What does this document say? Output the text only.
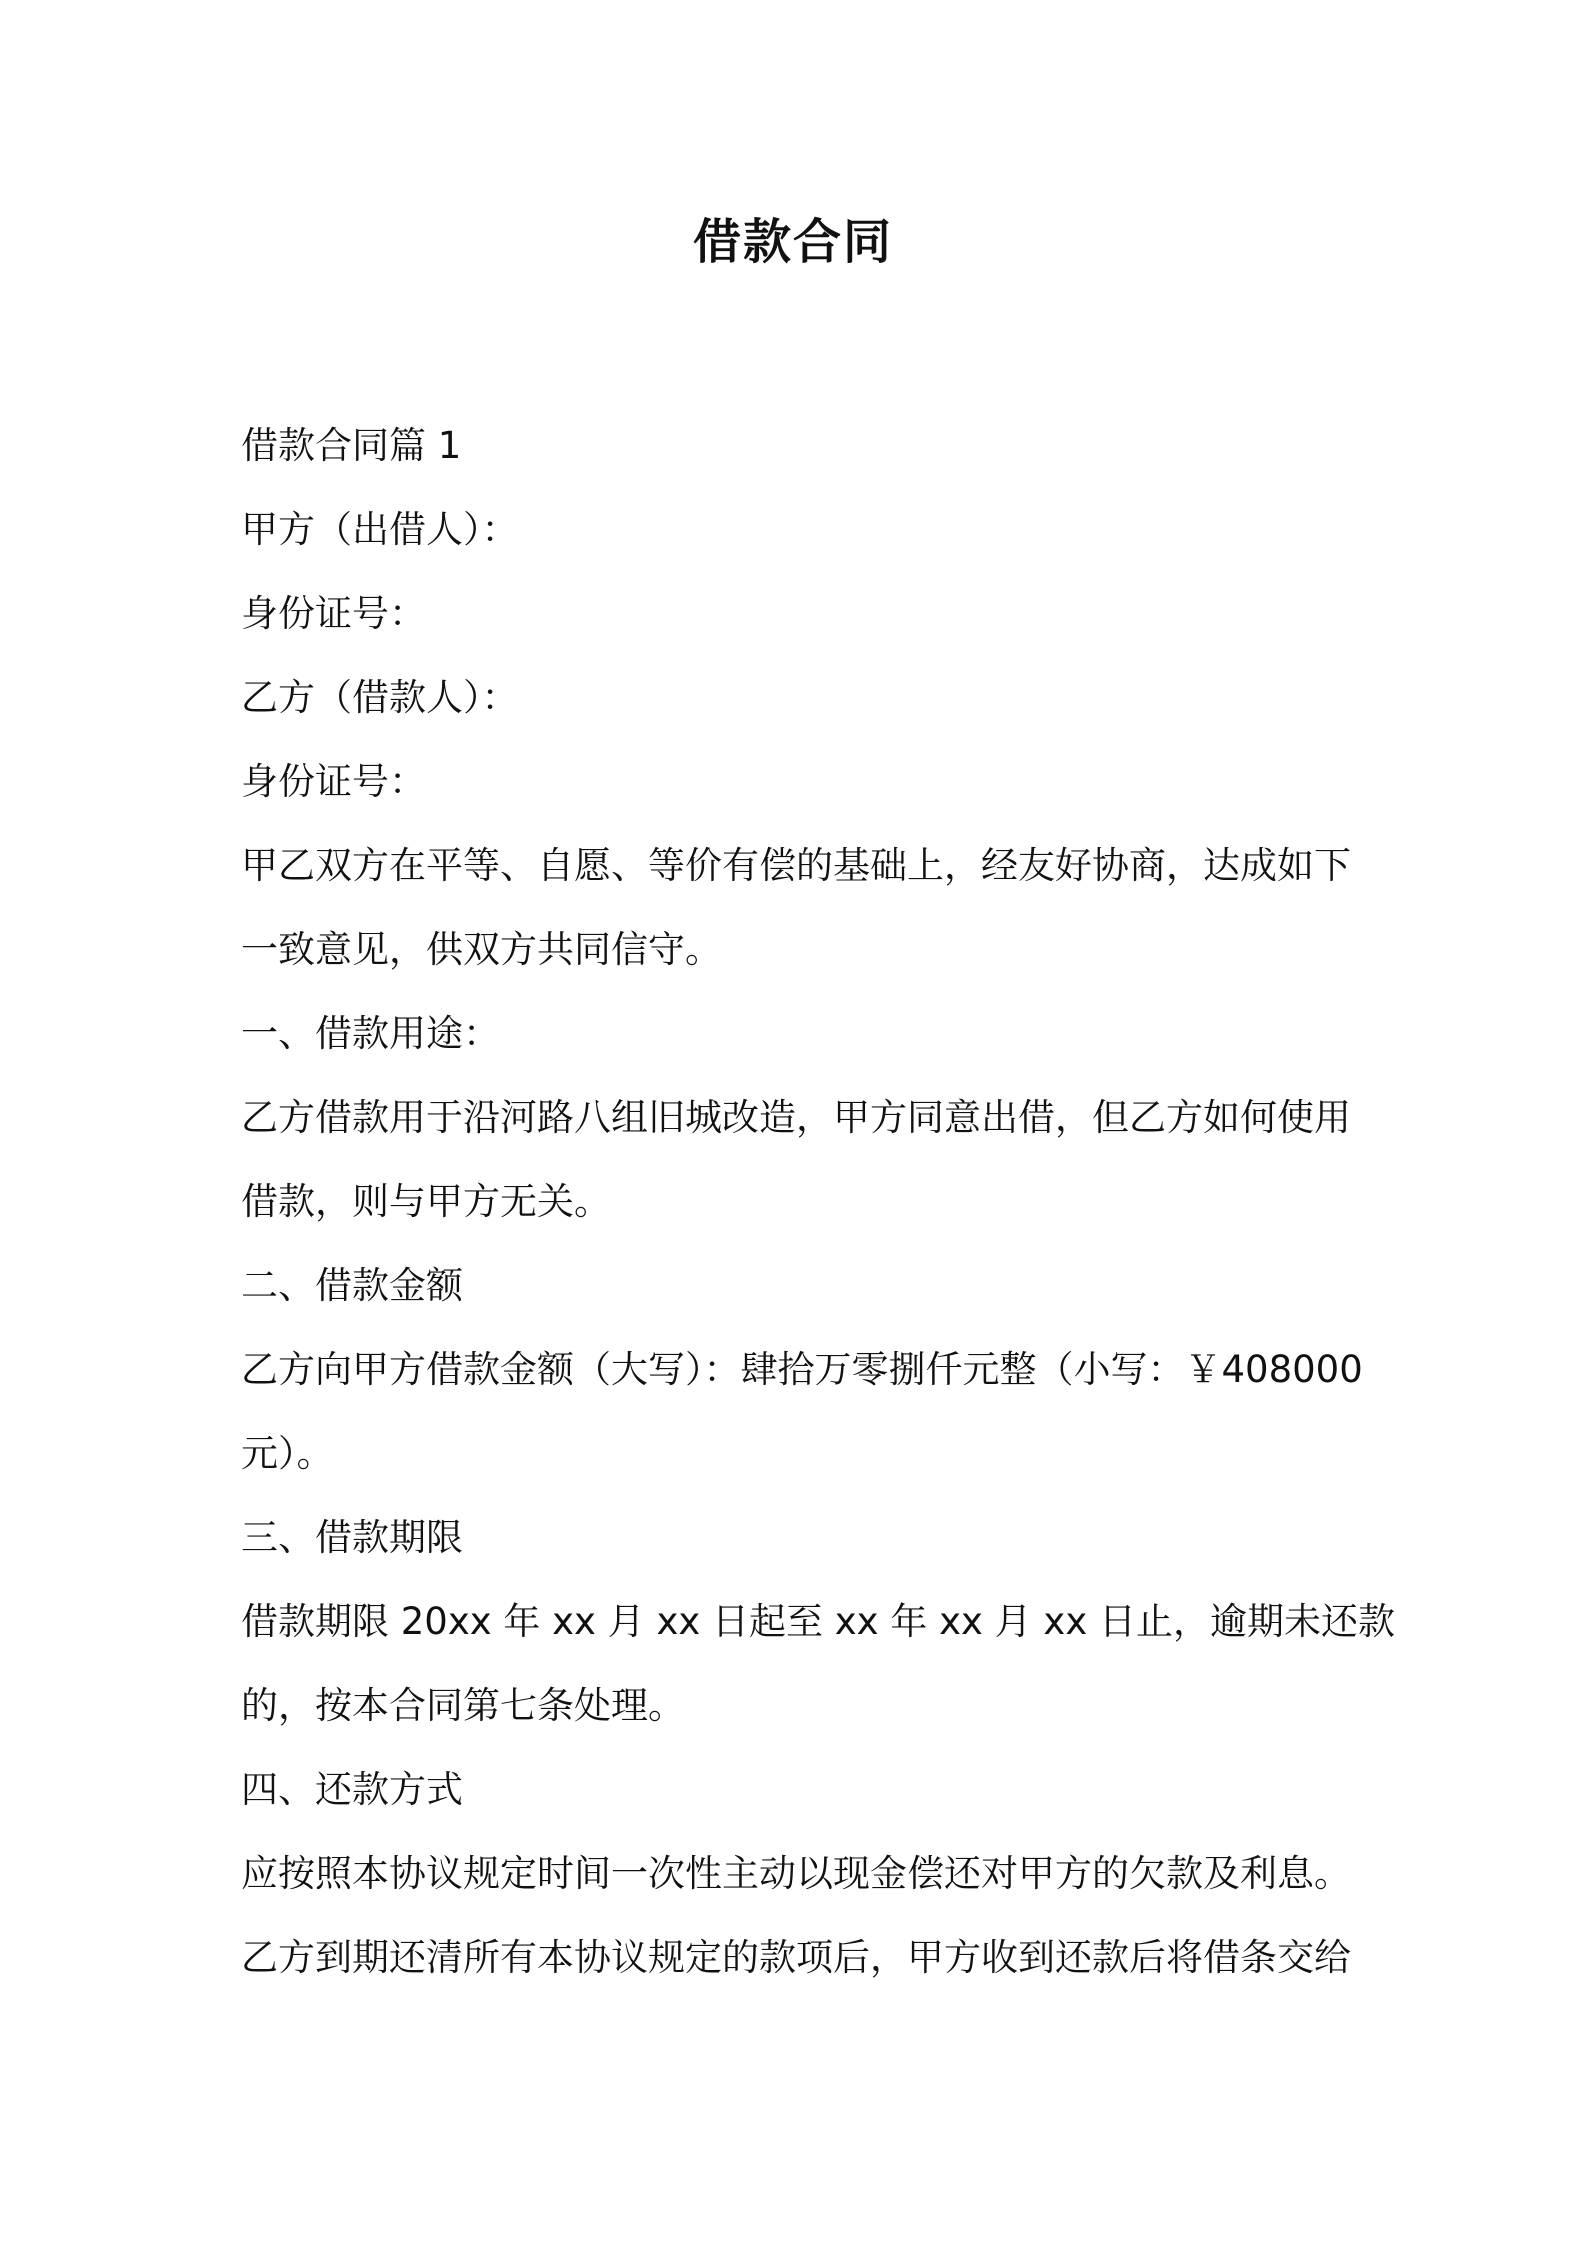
借款合同
借款合同篇 1
甲方（出借人）：
身份证号：
乙方（借款人）：
身份证号：
甲乙双方在平等、自愿、等价有偿的基础上，经友好协商，达成如下
一致意见，供双方共同信守。
一、借款用途：
乙方借款用于沿河路八组旧城改造，甲方同意出借，但乙方如何使用
借款，则与甲方无关。
二、借款金额
乙方向甲方借款金额（大写）：肆拾万零捌仟元整（小写：￥408000
元）。
三、借款期限
借款期限 20xx 年 xx 月 xx 日起至 xx 年 xx 月 xx 日止，逾期未还款
的，按本合同第七条处理。
四、还款方式
应按照本协议规定时间一次性主动以现金偿还对甲方的欠款及利息。
乙方到期还清所有本协议规定的款项后，甲方收到还款后将借条交给
